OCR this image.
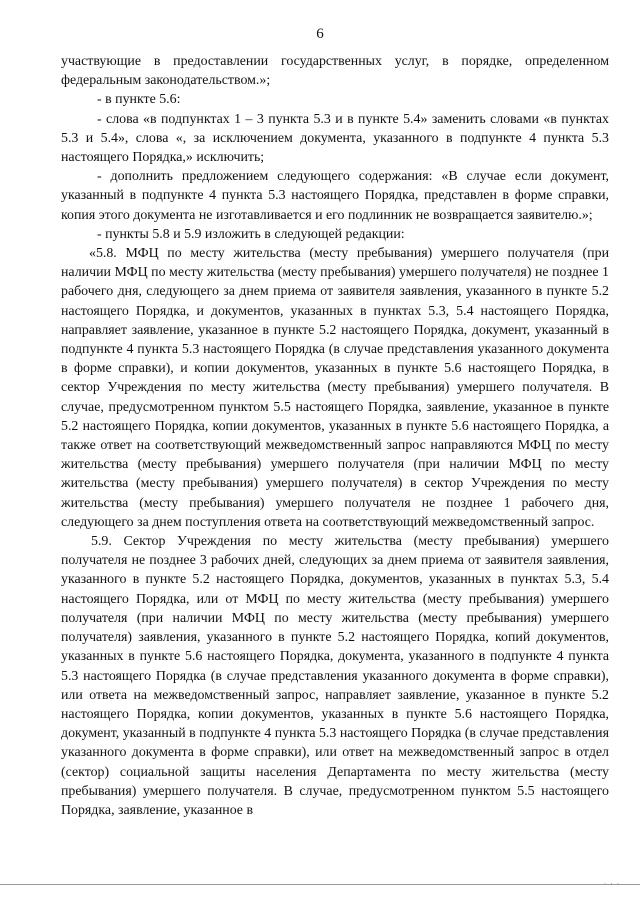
6

участвующие в предоставлении государственных услуг, в порядке, определенном федеральным законодательством.»;

- в пункте 5.6:

- слова «в подпунктах 1 – 3 пункта 5.3 и в пункте 5.4» заменить словами «в пунктах 5.3 и 5.4», слова «, за исключением документа, указанного в подпункте 4 пункта 5.3 настоящего Порядка,» исключить;

- дополнить предложением следующего содержания: «В случае если документ, указанный в подпункте 4 пункта 5.3 настоящего Порядка, представлен в форме справки, копия этого документа не изготавливается и его подлинник не возвращается заявителю.»;

- пункты 5.8 и 5.9 изложить в следующей редакции:

«5.8. МФЦ по месту жительства (месту пребывания) умершего получателя (при наличии МФЦ по месту жительства (месту пребывания) умершего получателя) не позднее 1 рабочего дня, следующего за днем приема от заявителя заявления, указанного в пункте 5.2 настоящего Порядка, и документов, указанных в пунктах 5.3, 5.4 настоящего Порядка, направляет заявление, указанное в пункте 5.2 настоящего Порядка, документ, указанный в подпункте 4 пункта 5.3 настоящего Порядка (в случае представления указанного документа в форме справки), и копии документов, указанных в пункте 5.6 настоящего Порядка, в сектор Учреждения по месту жительства (месту пребывания) умершего получателя. В случае, предусмотренном пунктом 5.5 настоящего Порядка, заявление, указанное в пункте 5.2 настоящего Порядка, копии документов, указанных в пункте 5.6 настоящего Порядка, а также ответ на соответствующий межведомственный запрос направляются МФЦ по месту жительства (месту пребывания) умершего получателя (при наличии МФЦ по месту жительства (месту пребывания) умершего получателя) в сектор Учреждения по месту жительства (месту пребывания) умершего получателя не позднее 1 рабочего дня, следующего за днем поступления ответа на соответствующий межведомственный запрос.

5.9. Сектор Учреждения по месту жительства (месту пребывания) умершего получателя не позднее 3 рабочих дней, следующих за днем приема от заявителя заявления, указанного в пункте 5.2 настоящего Порядка, документов, указанных в пунктах 5.3, 5.4 настоящего Порядка, или от МФЦ по месту жительства (месту пребывания) умершего получателя (при наличии МФЦ по месту жительства (месту пребывания) умершего получателя) заявления, указанного в пункте 5.2 настоящего Порядка, копий документов, указанных в пункте 5.6 настоящего Порядка, документа, указанного в подпункте 4 пункта 5.3 настоящего Порядка (в случае представления указанного документа в форме справки), или ответа на межведомственный запрос, направляет заявление, указанное в пункте 5.2 настоящего Порядка, копии документов, указанных в пункте 5.6 настоящего Порядка, документ, указанный в подпункте 4 пункта 5.3 настоящего Порядка (в случае представления указанного документа в форме справки), или ответ на межведомственный запрос в отдел (сектор) социальной защиты населения Департамента по месту жительства (месту пребывания) умершего получателя. В случае, предусмотренном пунктом 5.5 настоящего Порядка, заявление, указанное в

· · ·
